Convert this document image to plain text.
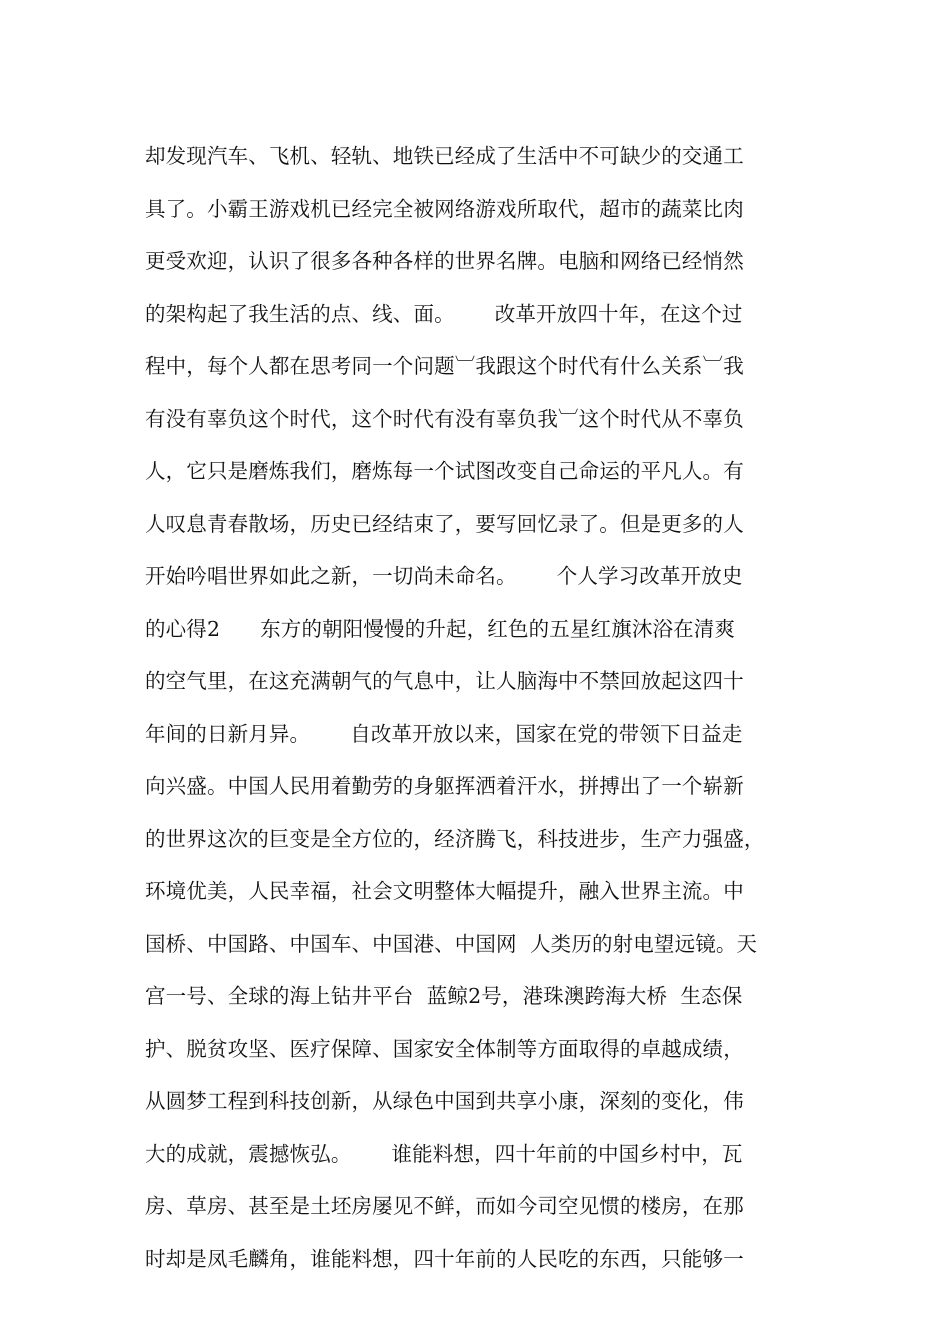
却发现汽车、飞机、轻轨、地铁已经成了生活中不可缺少的交通工
具了。小霸王游戏机已经完全被网络游戏所取代，超市的蔬菜比肉
更受欢迎，认识了很多各种各样的世界名牌。电脑和网络已经悄然
的架构起了我生活的点、线、面。      改革开放四十年，在这个过
程中，每个人都在思考同一个问题︺我跟这个时代有什么关系︺我
有没有辜负这个时代，这个时代有没有辜负我︺这个时代从不辜负
人，它只是磨炼我们，磨炼每一个试图改变自己命运的平凡人。有
人叹息青春散场，历史已经结束了，要写回忆录了。但是更多的人
开始吟唱世界如此之新，一切尚未命名。      个人学习改革开放史
的心得2      东方的朝阳慢慢的升起，红色的五星红旗沐浴在清爽
的空气里，在这充满朝气的气息中，让人脑海中不禁回放起这四十
年间的日新月异。      自改革开放以来，国家在党的带领下日益走
向兴盛。中国人民用着勤劳的身躯挥洒着汗水，拼搏出了一个崭新
的世界这次的巨变是全方位的，经济腾飞，科技进步，生产力强盛，
环境优美，人民幸福，社会文明整体大幅提升，融入世界主流。中
国桥、中国路、中国车、中国港、中国网  人类历的射电望远镜。天
宫一号、全球的海上钻井平台  蓝鲸2号，港珠澳跨海大桥  生态保
护、脱贫攻坚、医疗保障、国家安全体制等方面取得的卓越成绩，
从圆梦工程到科技创新，从绿色中国到共享小康，深刻的变化，伟
大的成就，震撼恢弘。      谁能料想，四十年前的中国乡村中，瓦
房、草房、甚至是土坯房屡见不鲜，而如今司空见惯的楼房，在那
时却是凤毛麟角，谁能料想，四十年前的人民吃的东西，只能够一
